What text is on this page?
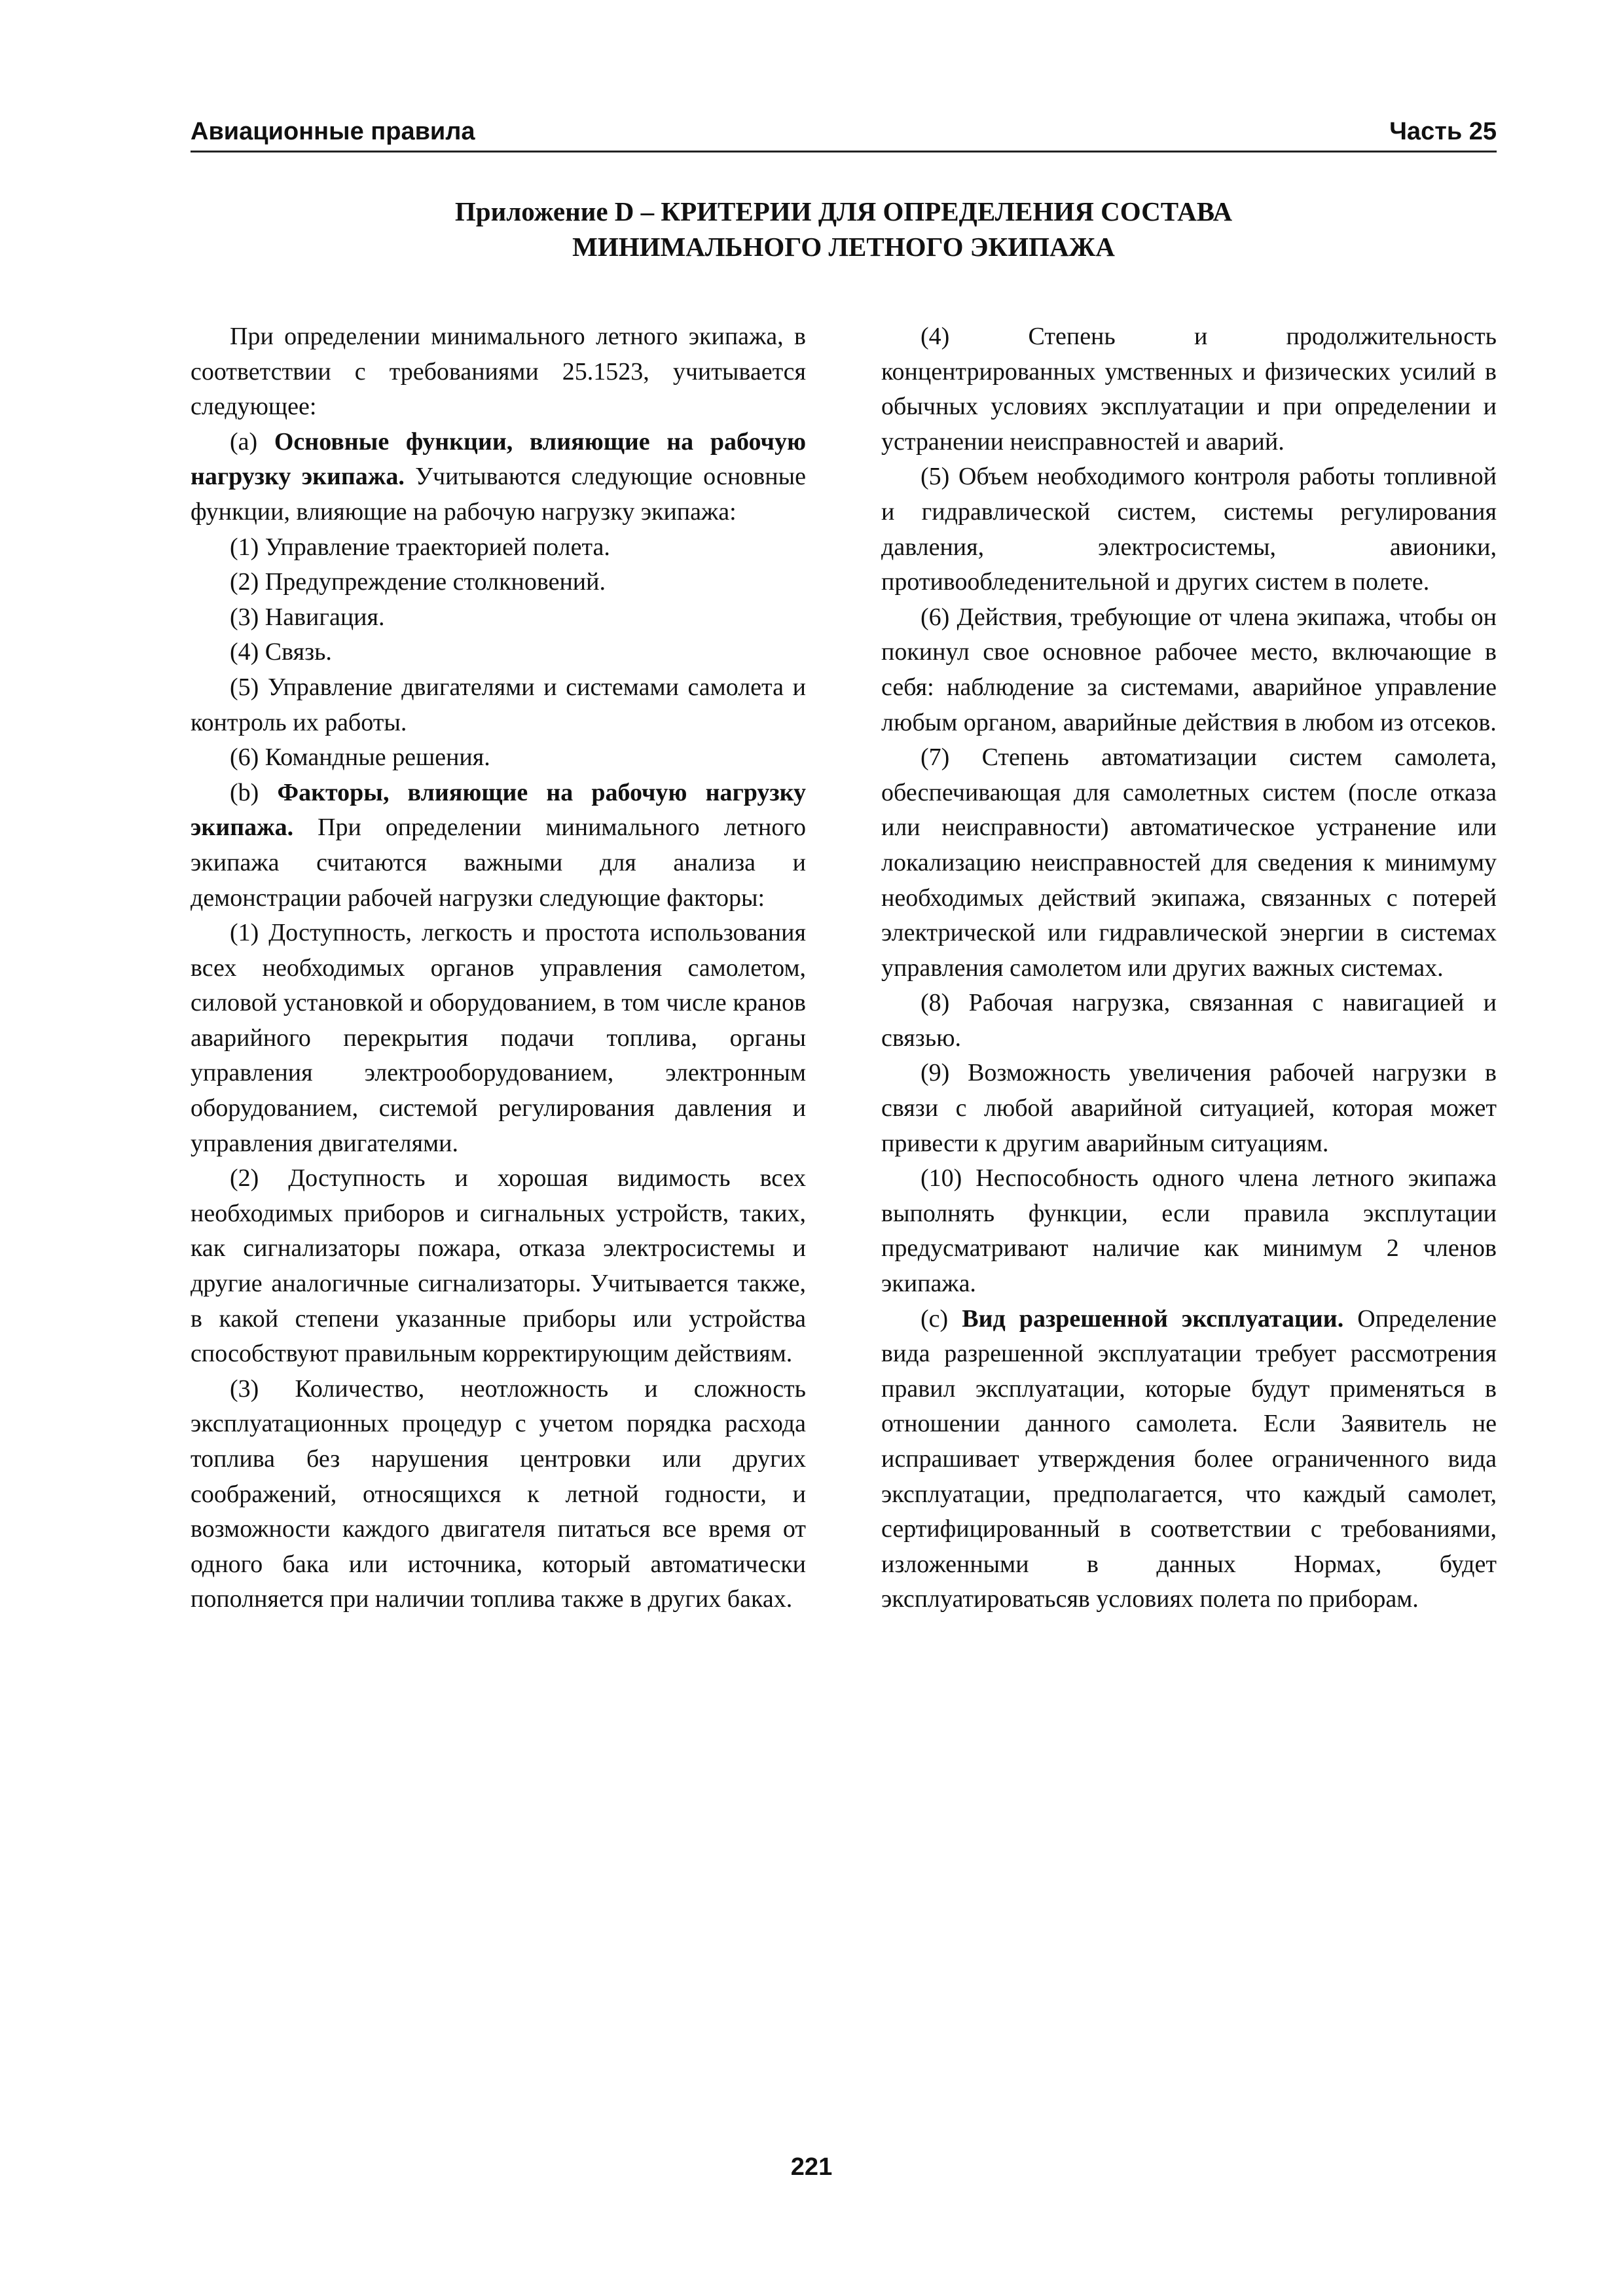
Авиационные правила	Часть 25
Приложение D – КРИТЕРИИ ДЛЯ ОПРЕДЕЛЕНИЯ СОСТАВА
МИНИМАЛЬНОГО ЛЕТНОГО ЭКИПАЖА

При определении минимального летного экипажа, в соответствии с требованиями 25.1523, учитывается следующее:

(a) Основные функции, влияющие на рабочую нагрузку экипажа. Учитываются следующие основные функции, влияющие на рабочую нагрузку экипажа:

(1) Управление траекторией полета.

(2) Предупреждение столкновений.

(3) Навигация.

(4) Связь.

(5) Управление двигателями и системами самолета и контроль их работы.

(6) Командные решения.

(b) Факторы, влияющие на рабочую нагрузку экипажа. При определении минимального летного экипажа считаются важными для анализа и демонстрации рабочей нагрузки следующие факторы:

(1) Доступность, легкость и простота использования всех необходимых органов управления самолетом, силовой установкой и оборудованием, в том числе кранов аварийного перекрытия подачи топлива, органы управления электрооборудованием, электронным оборудованием, системой регулирования давления и управления двигателями.

(2) Доступность и хорошая видимость всех необходимых приборов и сигнальных устройств, таких, как сигнализаторы пожара, отказа электросистемы и другие аналогичные сигнализаторы. Учитывается также, в какой степени указанные приборы или устройства способствуют правильным корректирующим действиям.

(3) Количество, неотложность и сложность эксплуатационных процедур с учетом порядка расхода топлива без нарушения центровки или других соображений, относящихся к летной годности, и возможности каждого двигателя питаться все время от одного бака или источника, который автоматически пополняется при наличии топлива также в других баках.

(4) Степень и продолжительность концентрированных умственных и физических усилий в обычных условиях эксплуатации и при определении и устранении неисправностей и аварий.

(5) Объем необходимого контроля работы топливной и гидравлической систем, системы регулирования давления, электросистемы, авионики, противообледенительной и других систем в полете.

(6) Действия, требующие от члена экипажа, чтобы он покинул свое основное рабочее место, включающие в себя: наблюдение за системами, аварийное управление любым органом, аварийные действия в любом из отсеков.

(7) Степень автоматизации систем самолета, обеспечивающая для самолетных систем (после отказа или неисправности) автоматическое устранение или локализацию неисправностей для сведения к минимуму необходимых действий экипажа, связанных с потерей электрической или гидравлической энергии в системах управления самолетом или других важных системах.

(8) Рабочая нагрузка, связанная с навигацией и связью.

(9) Возможность увеличения рабочей нагрузки в связи с любой аварийной ситуацией, которая может привести к другим аварийным ситуациям.

(10) Неспособность одного члена летного экипажа выполнять функции, если правила эксплутации предусматривают наличие как минимум 2 членов экипажа.

(c) Вид разрешенной эксплуатации. Определение вида разрешенной эксплуатации требует рассмотрения правил эксплуатации, которые будут применяться в отношении данного самолета. Если Заявитель не испрашивает утверждения более ограниченного вида эксплуатации, предполагается, что каждый самолет, сертифицированный в соответствии с требованиями, изложенными в данных Нормах, будет эксплуатироватьсяв условиях полета по приборам.

221
